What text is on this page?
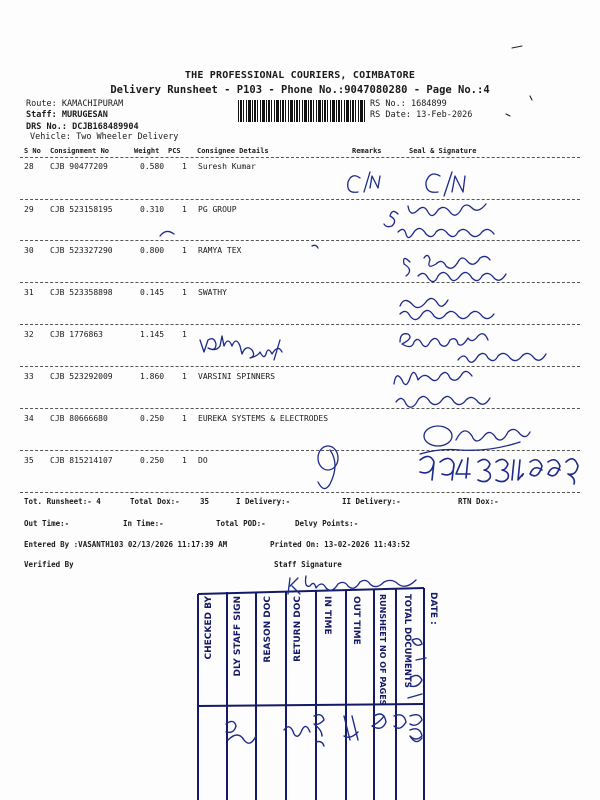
THE PROFESSIONAL COURIERS, COIMBATORE
Delivery Runsheet - P103 - Phone No.:9047080280 - Page No.:4
Route: KAMACHIPURAM
Staff: MURUGESAN
DRS No.: DCJB168489904
Vehicle: Two Wheeler Delivery
RS No.: 1684899
RS Date: 13-Feb-2026
S No Consignment No	Weight PCS Consignee Details	Remarks	Seal & Signature
28 CJB 90477209	0.580 1 Suresh Kumar
29 CJB 523158195	0.310 1 PG GROUP
30 CJB 523327290	0.800 1 RAMYA TEX
31 CJB 523358898	0.145 1 SWATHY
32 CJB 1776863	1.145 1
33 CJB 523292009	1.860 1 VARSINI SPINNERS
34 CJB 80666680	0.250 1 EUREKA SYSTEMS & ELECTRODES
35 CJB 815214107	0.250 1 DO
Tot. Runsheet:- 4	Total Dox:-	35	I Delivery:-	II Delivery:-	RTN Dox:-
Out Time:-	In Time:-	Total POD:-	Delvy Points:-
Entered By :VASANTH103 02/13/2026 11:17:39 AM	Printed On: 13-02-2026 11:43:52
Verified By	Staff Signature
CHECKED BY DLY STAFF SIGN REASON DOC RETURN DOC IN TIME OUT TIME RUNSHEET NO OF PAGES TOTAL DOCUMENTS DATE :
